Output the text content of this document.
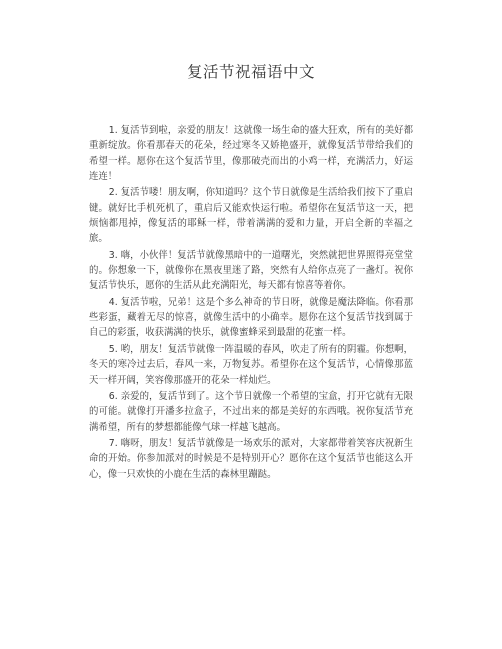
复活节祝福语中文

1. 复活节到啦，亲爱的朋友！这就像一场生命的盛大狂欢，所有的美好都重新绽放。你看那春天的花朵，经过寒冬又娇艳盛开，就像复活节带给我们的希望一样。愿你在这个复活节里，像那破壳而出的小鸡一样，充满活力，好运连连！

2. 复活节喽！朋友啊，你知道吗？这个节日就像是生活给我们按下了重启键。就好比手机死机了，重启后又能欢快运行啦。希望你在复活节这一天，把烦恼都甩掉，像复活的耶稣一样，带着满满的爱和力量，开启全新的幸福之旅。

3. 嗨，小伙伴！复活节就像黑暗中的一道曙光，突然就把世界照得亮堂堂的。你想象一下，就像你在黑夜里迷了路，突然有人给你点亮了一盏灯。祝你复活节快乐，愿你的生活从此充满阳光，每天都有惊喜等着你。

4. 复活节啦，兄弟！这是个多么神奇的节日呀，就像是魔法降临。你看那些彩蛋，藏着无尽的惊喜，就像生活中的小确幸。愿你在这个复活节找到属于自己的彩蛋，收获满满的快乐，就像蜜蜂采到最甜的花蜜一样。

5. 哟，朋友！复活节就像一阵温暖的春风，吹走了所有的阴霾。你想啊，冬天的寒冷过去后，春风一来，万物复苏。希望你在这个复活节，心情像那蓝天一样开阔，笑容像那盛开的花朵一样灿烂。

6. 亲爱的，复活节到了。这个节日就像一个希望的宝盒，打开它就有无限的可能。就像打开潘多拉盒子，不过出来的都是美好的东西哦。祝你复活节充满希望，所有的梦想都能像气球一样越飞越高。

7. 嗨呀，朋友！复活节就像是一场欢乐的派对，大家都带着笑容庆祝新生命的开始。你参加派对的时候是不是特别开心？愿你在这个复活节也能这么开心，像一只欢快的小鹿在生活的森林里蹦跶。
